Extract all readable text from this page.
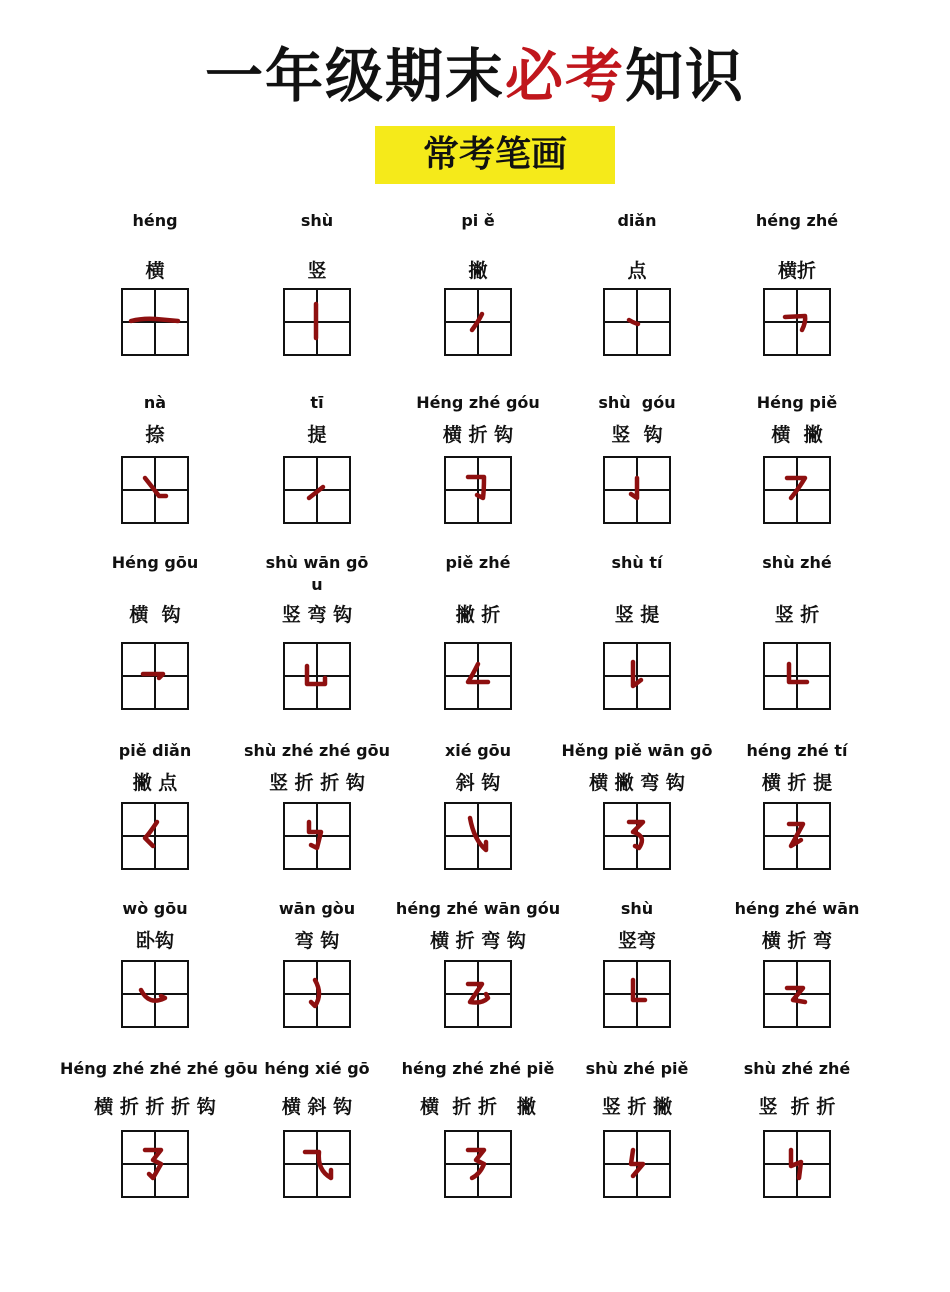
一年级期末必考知识
常考笔画
héng
横
shù
竖
pi ě
撇
diǎn
点
héng zhé
横折
nà
捺
tī
提
Héng zhé góu
横 折 钩
shù  góu
竖  钩
Héng piě
横  撇
Héng gōu
横  钩
shù wān gō
u
竖 弯 钩
piě zhé
撇 折
shù tí
竖 提
shù zhé
竖 折
piě diǎn
撇 点
shù zhé zhé gōu
竖 折 折 钩
xié gōu
斜 钩
Hěng piě wān gō
横 撇 弯 钩
héng zhé tí
横 折 提
wò gōu
卧钩
wān gòu
弯 钩
héng zhé wān góu
横 折 弯 钩
shù
竖弯
héng zhé wān
横 折 弯
Héng zhé zhé zhé gōu
横 折 折 折 钩
héng xié gō
横 斜 钩
héng zhé zhé piě
横  折 折   撇
shù zhé piě
竖 折 撇
shù zhé zhé
竖  折 折
